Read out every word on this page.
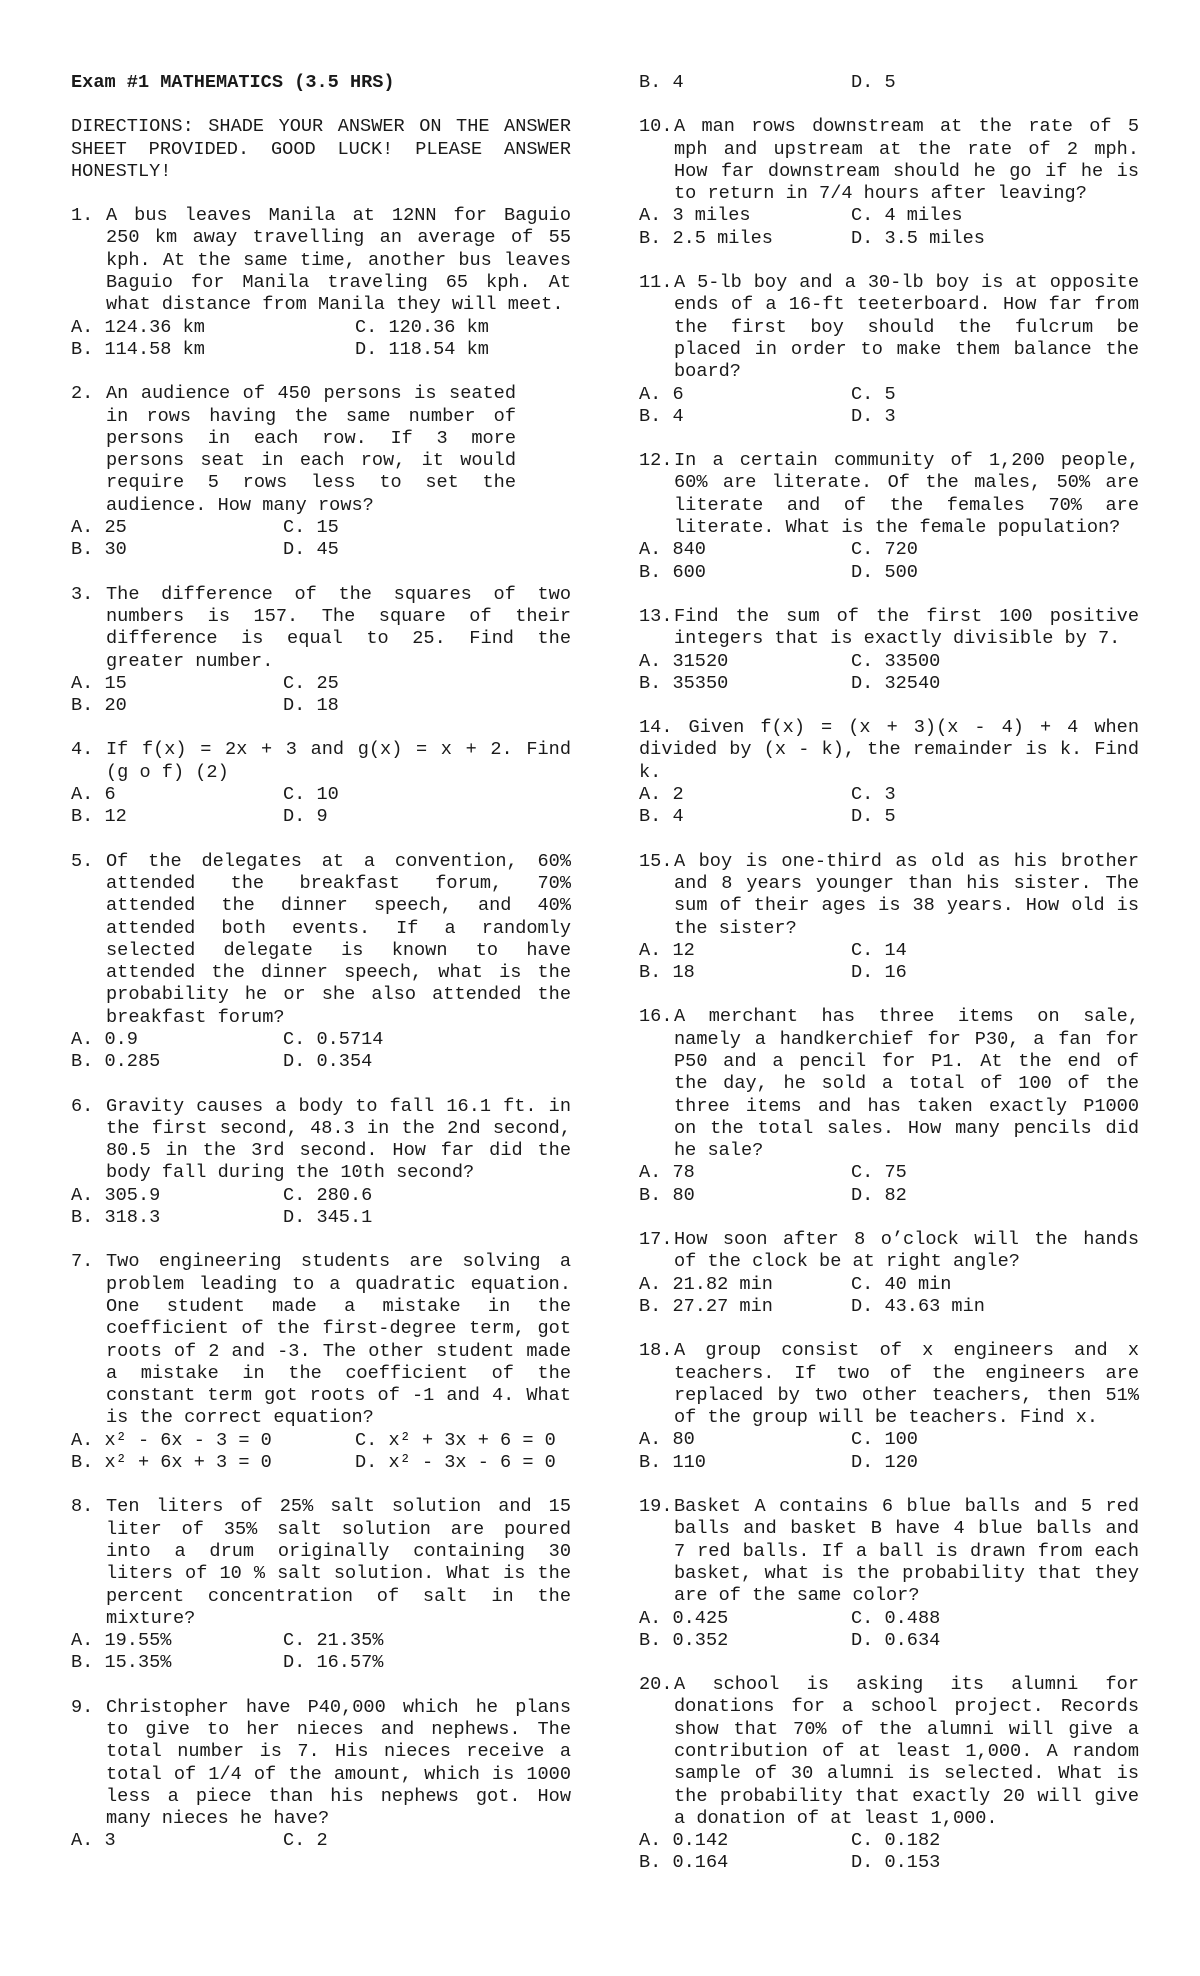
Exam #1 MATHEMATICS (3.5 HRS)
DIRECTIONS: SHADE YOUR ANSWER ON THE ANSWER SHEET PROVIDED. GOOD LUCK! PLEASE ANSWER HONESTLY!
1. A bus leaves Manila at 12NN for Baguio 250 km away travelling an average of 55 kph. At the same time, another bus leaves Baguio for Manila traveling 65 kph. At what distance from Manila they will meet.
A. 124.36 km	C. 120.36 km
B. 114.58 km	D. 118.54 km
2. An audience of 450 persons is seated in rows having the same number of persons in each row. If 3 more persons seat in each row, it would require 5 rows less to set the audience. How many rows?
A. 25	C. 15
B. 30	D. 45
3. The difference of the squares of two numbers is 157. The square of their difference is equal to 25. Find the greater number.
A. 15	C. 25
B. 20	D. 18
4. If f(x) = 2x + 3 and g(x) = x + 2. Find (g o f) (2)
A. 6	C. 10
B. 12	D. 9
5. Of the delegates at a convention, 60% attended the breakfast forum, 70% attended the dinner speech, and 40% attended both events. If a randomly selected delegate is known to have attended the dinner speech, what is the probability he or she also attended the breakfast forum?
A. 0.9	C. 0.5714
B. 0.285	D. 0.354
6. Gravity causes a body to fall 16.1 ft. in the first second, 48.3 in the 2nd second, 80.5 in the 3rd second. How far did the body fall during the 10th second?
A. 305.9	C. 280.6
B. 318.3	D. 345.1
7. Two engineering students are solving a problem leading to a quadratic equation. One student made a mistake in the coefficient of the first-degree term, got roots of 2 and -3. The other student made a mistake in the coefficient of the constant term got roots of -1 and 4. What is the correct equation?
A. x² - 6x - 3 = 0	C. x² + 3x + 6 = 0
B. x² + 6x + 3 = 0	D. x² - 3x - 6 = 0
8. Ten liters of 25% salt solution and 15 liter of 35% salt solution are poured into a drum originally containing 30 liters of 10 % salt solution. What is the percent concentration of salt in the mixture?
A. 19.55%	C. 21.35%
B. 15.35%	D. 16.57%
9. Christopher have P40,000 which he plans to give to her nieces and nephews. The total number is 7. His nieces receive a total of 1/4 of the amount, which is 1000 less a piece than his nephews got. How many nieces he have?
A. 3	C. 2
B. 4	D. 5
10. A man rows downstream at the rate of 5 mph and upstream at the rate of 2 mph. How far downstream should he go if he is to return in 7/4 hours after leaving?
A. 3 miles	C. 4 miles
B. 2.5 miles	D. 3.5 miles
11. A 5-lb boy and a 30-lb boy is at opposite ends of a 16-ft teeterboard. How far from the first boy should the fulcrum be placed in order to make them balance the board?
A. 6	C. 5
B. 4	D. 3
12. In a certain community of 1,200 people, 60% are literate. Of the males, 50% are literate and of the females 70% are literate. What is the female population?
A. 840	C. 720
B. 600	D. 500
13. Find the sum of the first 100 positive integers that is exactly divisible by 7.
A. 31520	C. 33500
B. 35350	D. 32540
14. Given f(x) = (x + 3)(x - 4) + 4 when divided by (x - k), the remainder is k. Find k.
A. 2	C. 3
B. 4	D. 5
15. A boy is one-third as old as his brother and 8 years younger than his sister. The sum of their ages is 38 years. How old is the sister?
A. 12	C. 14
B. 18	D. 16
16. A merchant has three items on sale, namely a handkerchief for P30, a fan for P50 and a pencil for P1. At the end of the day, he sold a total of 100 of the three items and has taken exactly P1000 on the total sales. How many pencils did he sale?
A. 78	C. 75
B. 80	D. 82
17. How soon after 8 o’clock will the hands of the clock be at right angle?
A. 21.82 min	C. 40 min
B. 27.27 min	D. 43.63 min
18. A group consist of x engineers and x teachers. If two of the engineers are replaced by two other teachers, then 51% of the group will be teachers. Find x.
A. 80	C. 100
B. 110	D. 120
19. Basket A contains 6 blue balls and 5 red balls and basket B have 4 blue balls and 7 red balls. If a ball is drawn from each basket, what is the probability that they are of the same color?
A. 0.425	C. 0.488
B. 0.352	D. 0.634
20. A school is asking its alumni for donations for a school project. Records show that 70% of the alumni will give a contribution of at least 1,000. A random sample of 30 alumni is selected. What is the probability that exactly 20 will give a donation of at least 1,000.
A. 0.142	C. 0.182
B. 0.164	D. 0.153
